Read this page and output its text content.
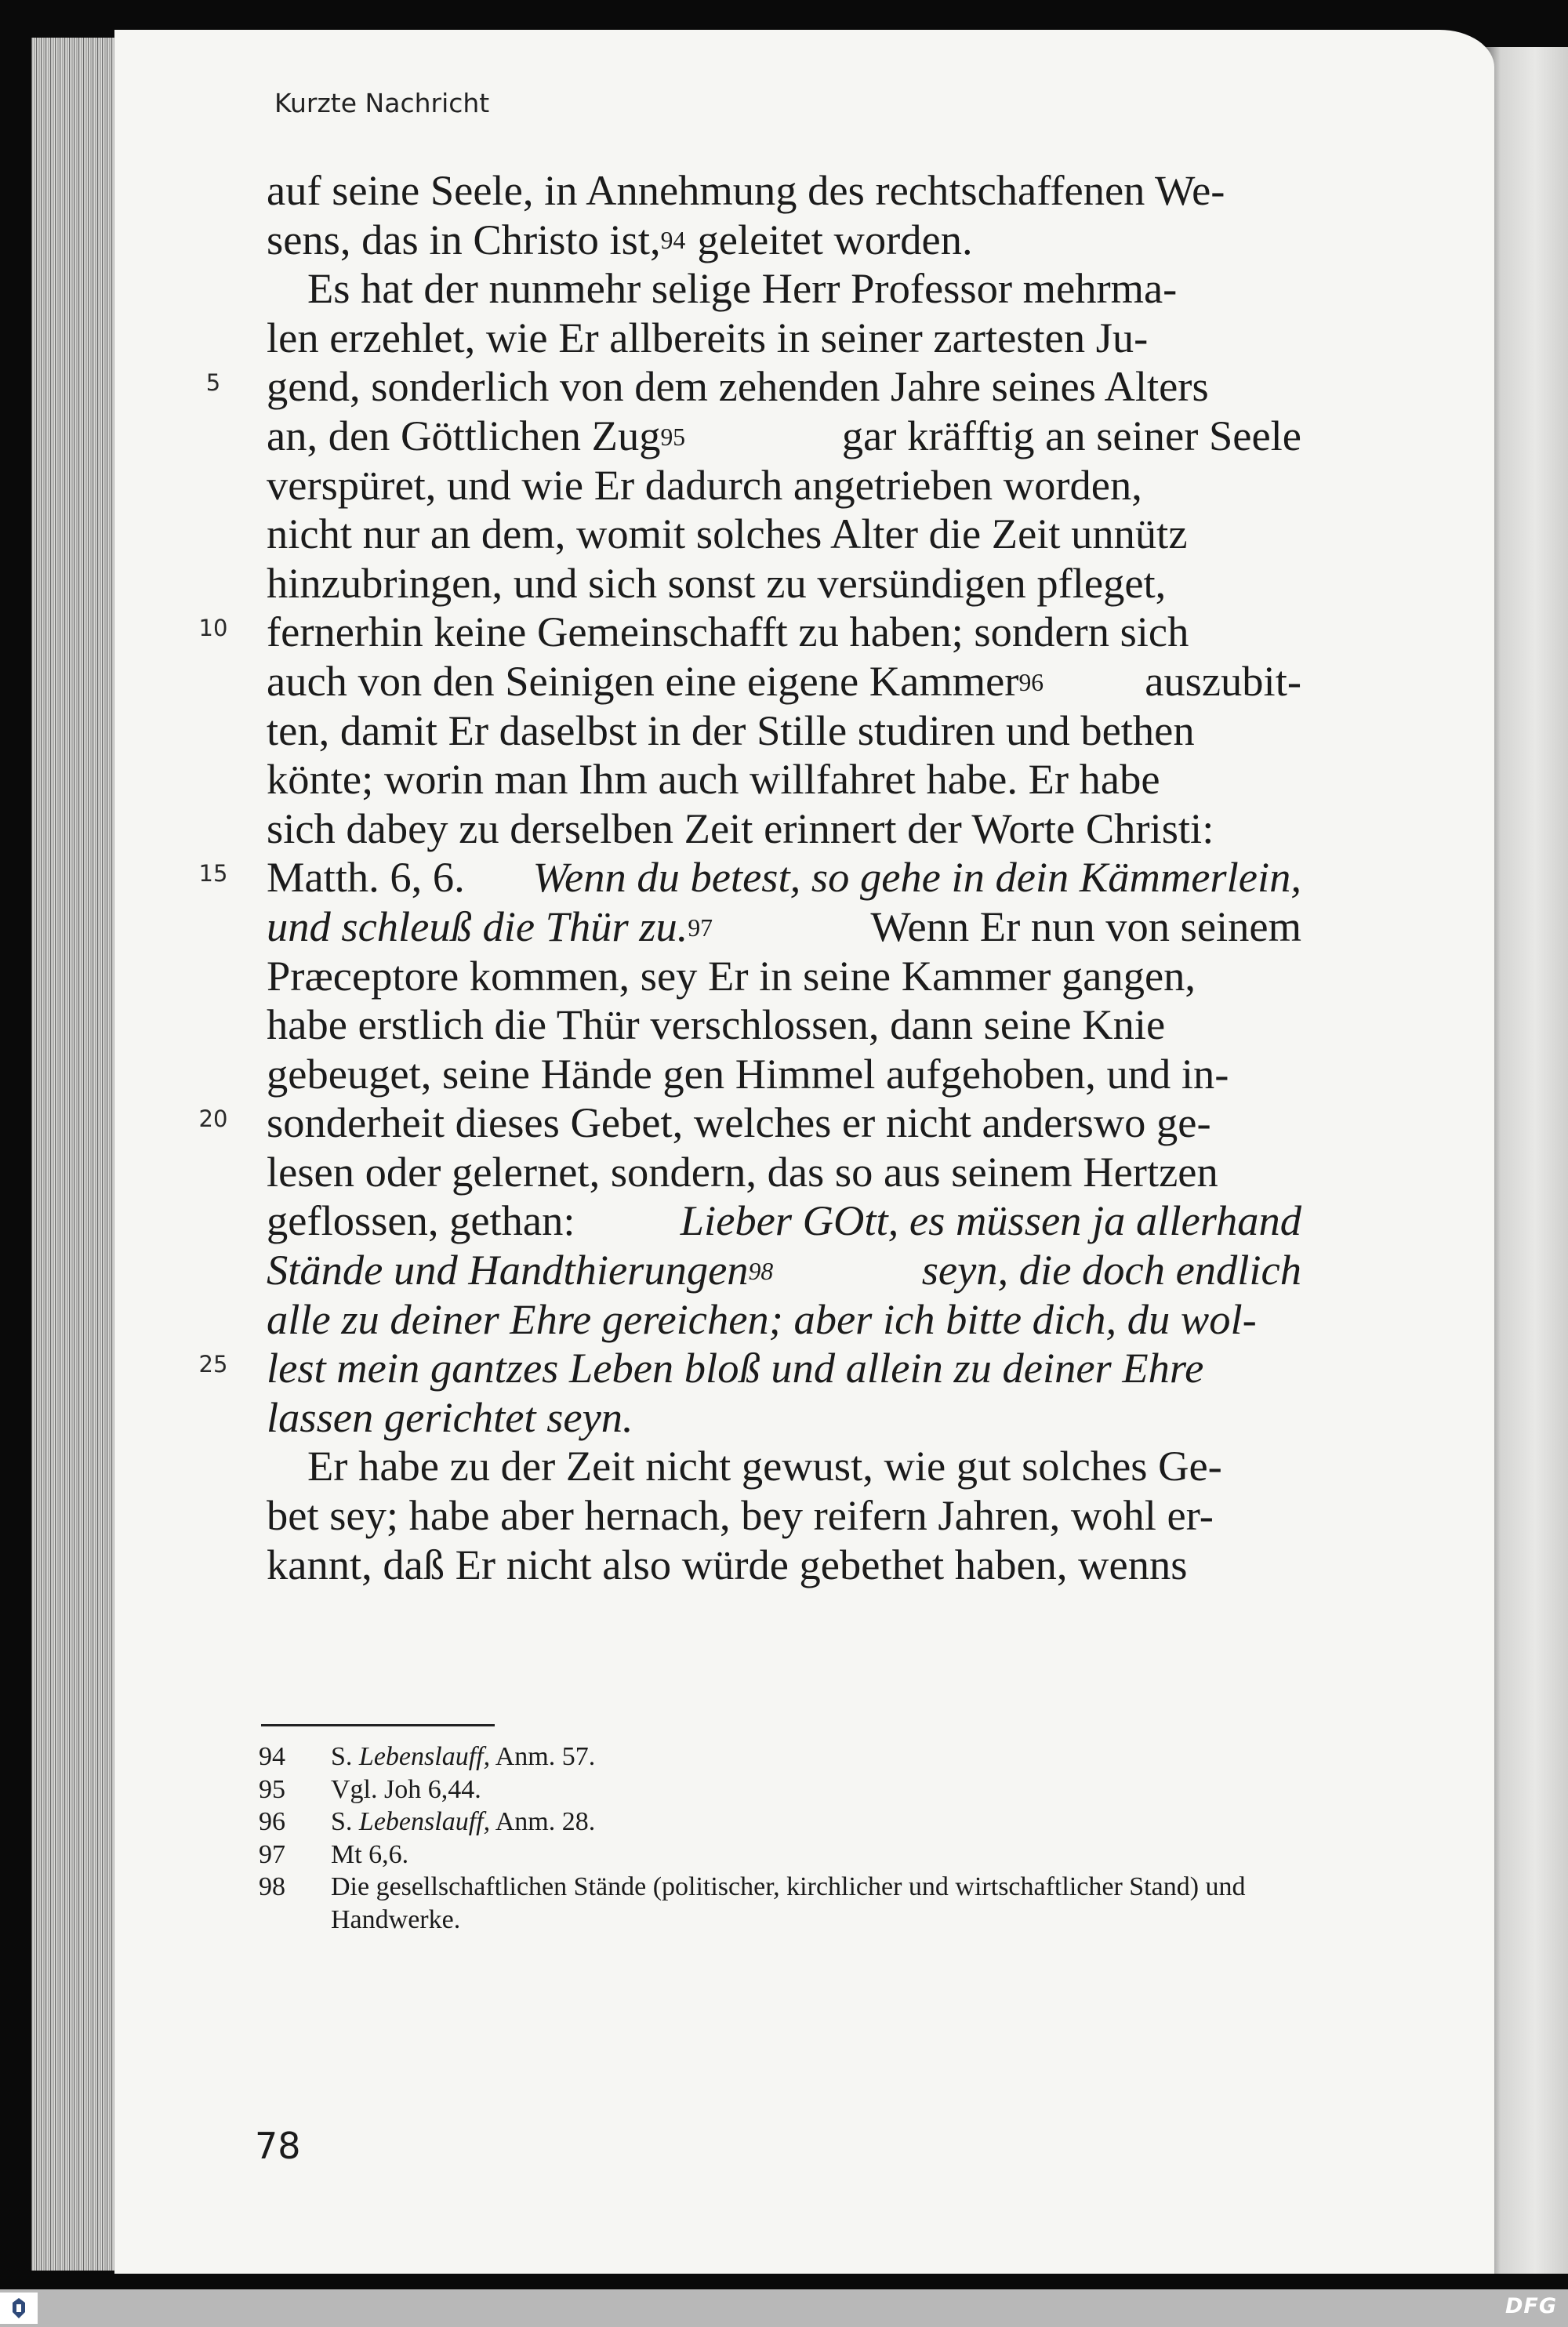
Kurzte Nachricht
5
10
15
20
25
auf seine Seele, in Annehmung des rechtschaffenen We-
sens, das in Christo ist,$^{94}$ geleitet worden.
Es hat der nunmehr selige Herr Professor mehrma-
len erzehlet, wie Er allbereits in seiner zartesten Ju-
gend, sonderlich von dem zehenden Jahre seines Alters
an, den Göttlichen Zug$^{95}$	gar kräfftig an seiner Seele
verspüret, und wie Er dadurch angetrieben worden,
nicht nur an dem, womit solches Alter die Zeit unnütz
hinzubringen, und sich sonst zu versündigen pfleget,
fernerhin keine Gemeinschafft zu haben; sondern sich
auch von den Seinigen eine eigene Kammer$^{96}$ auszubit-
ten, damit Er daselbst in der Stille studiren und bethen
könte; worin man Ihm auch willfahret habe. Er habe
sich dabey zu derselben Zeit erinnert der Worte Christi:
Matth. 6, 6. Wenn du betest, so gehe in dein Kämmerlein,
und schleuß die Thür zu.$^{97}$	Wenn Er nun von seinem
Præceptore kommen, sey Er in seine Kammer gangen,
habe erstlich die Thür verschlossen, dann seine Knie
gebeuget, seine Hände gen Himmel aufgehoben, und in-
sonderheit dieses Gebet, welches er nicht anderswo ge-
lesen oder gelernet, sondern, das so aus seinem Hertzen
geflossen, gethan: Lieber GOtt, es müssen ja allerhand
Stände und Handthierungen$^{98}$	seyn, die doch endlich
alle zu deiner Ehre gereichen; aber ich bitte dich, du wol-
lest mein gantzes Leben bloß und allein zu deiner Ehre
lassen gerichtet seyn.
Er habe zu der Zeit nicht gewust, wie gut solches Ge-
bet sey; habe aber hernach, bey reifern Jahren, wohl er-
kannt, daß Er nicht also würde gebethet haben, wenns
94	S. Lebenslauff, Anm. 57.
95	Vgl. Joh 6,44.
96	S. Lebenslauff, Anm. 28.
97	Mt 6,6.
98	Die gesellschaftlichen Stände (politischer, kirchlicher und wirtschaftlicher Stand) und Handwerke.
78
DFG
